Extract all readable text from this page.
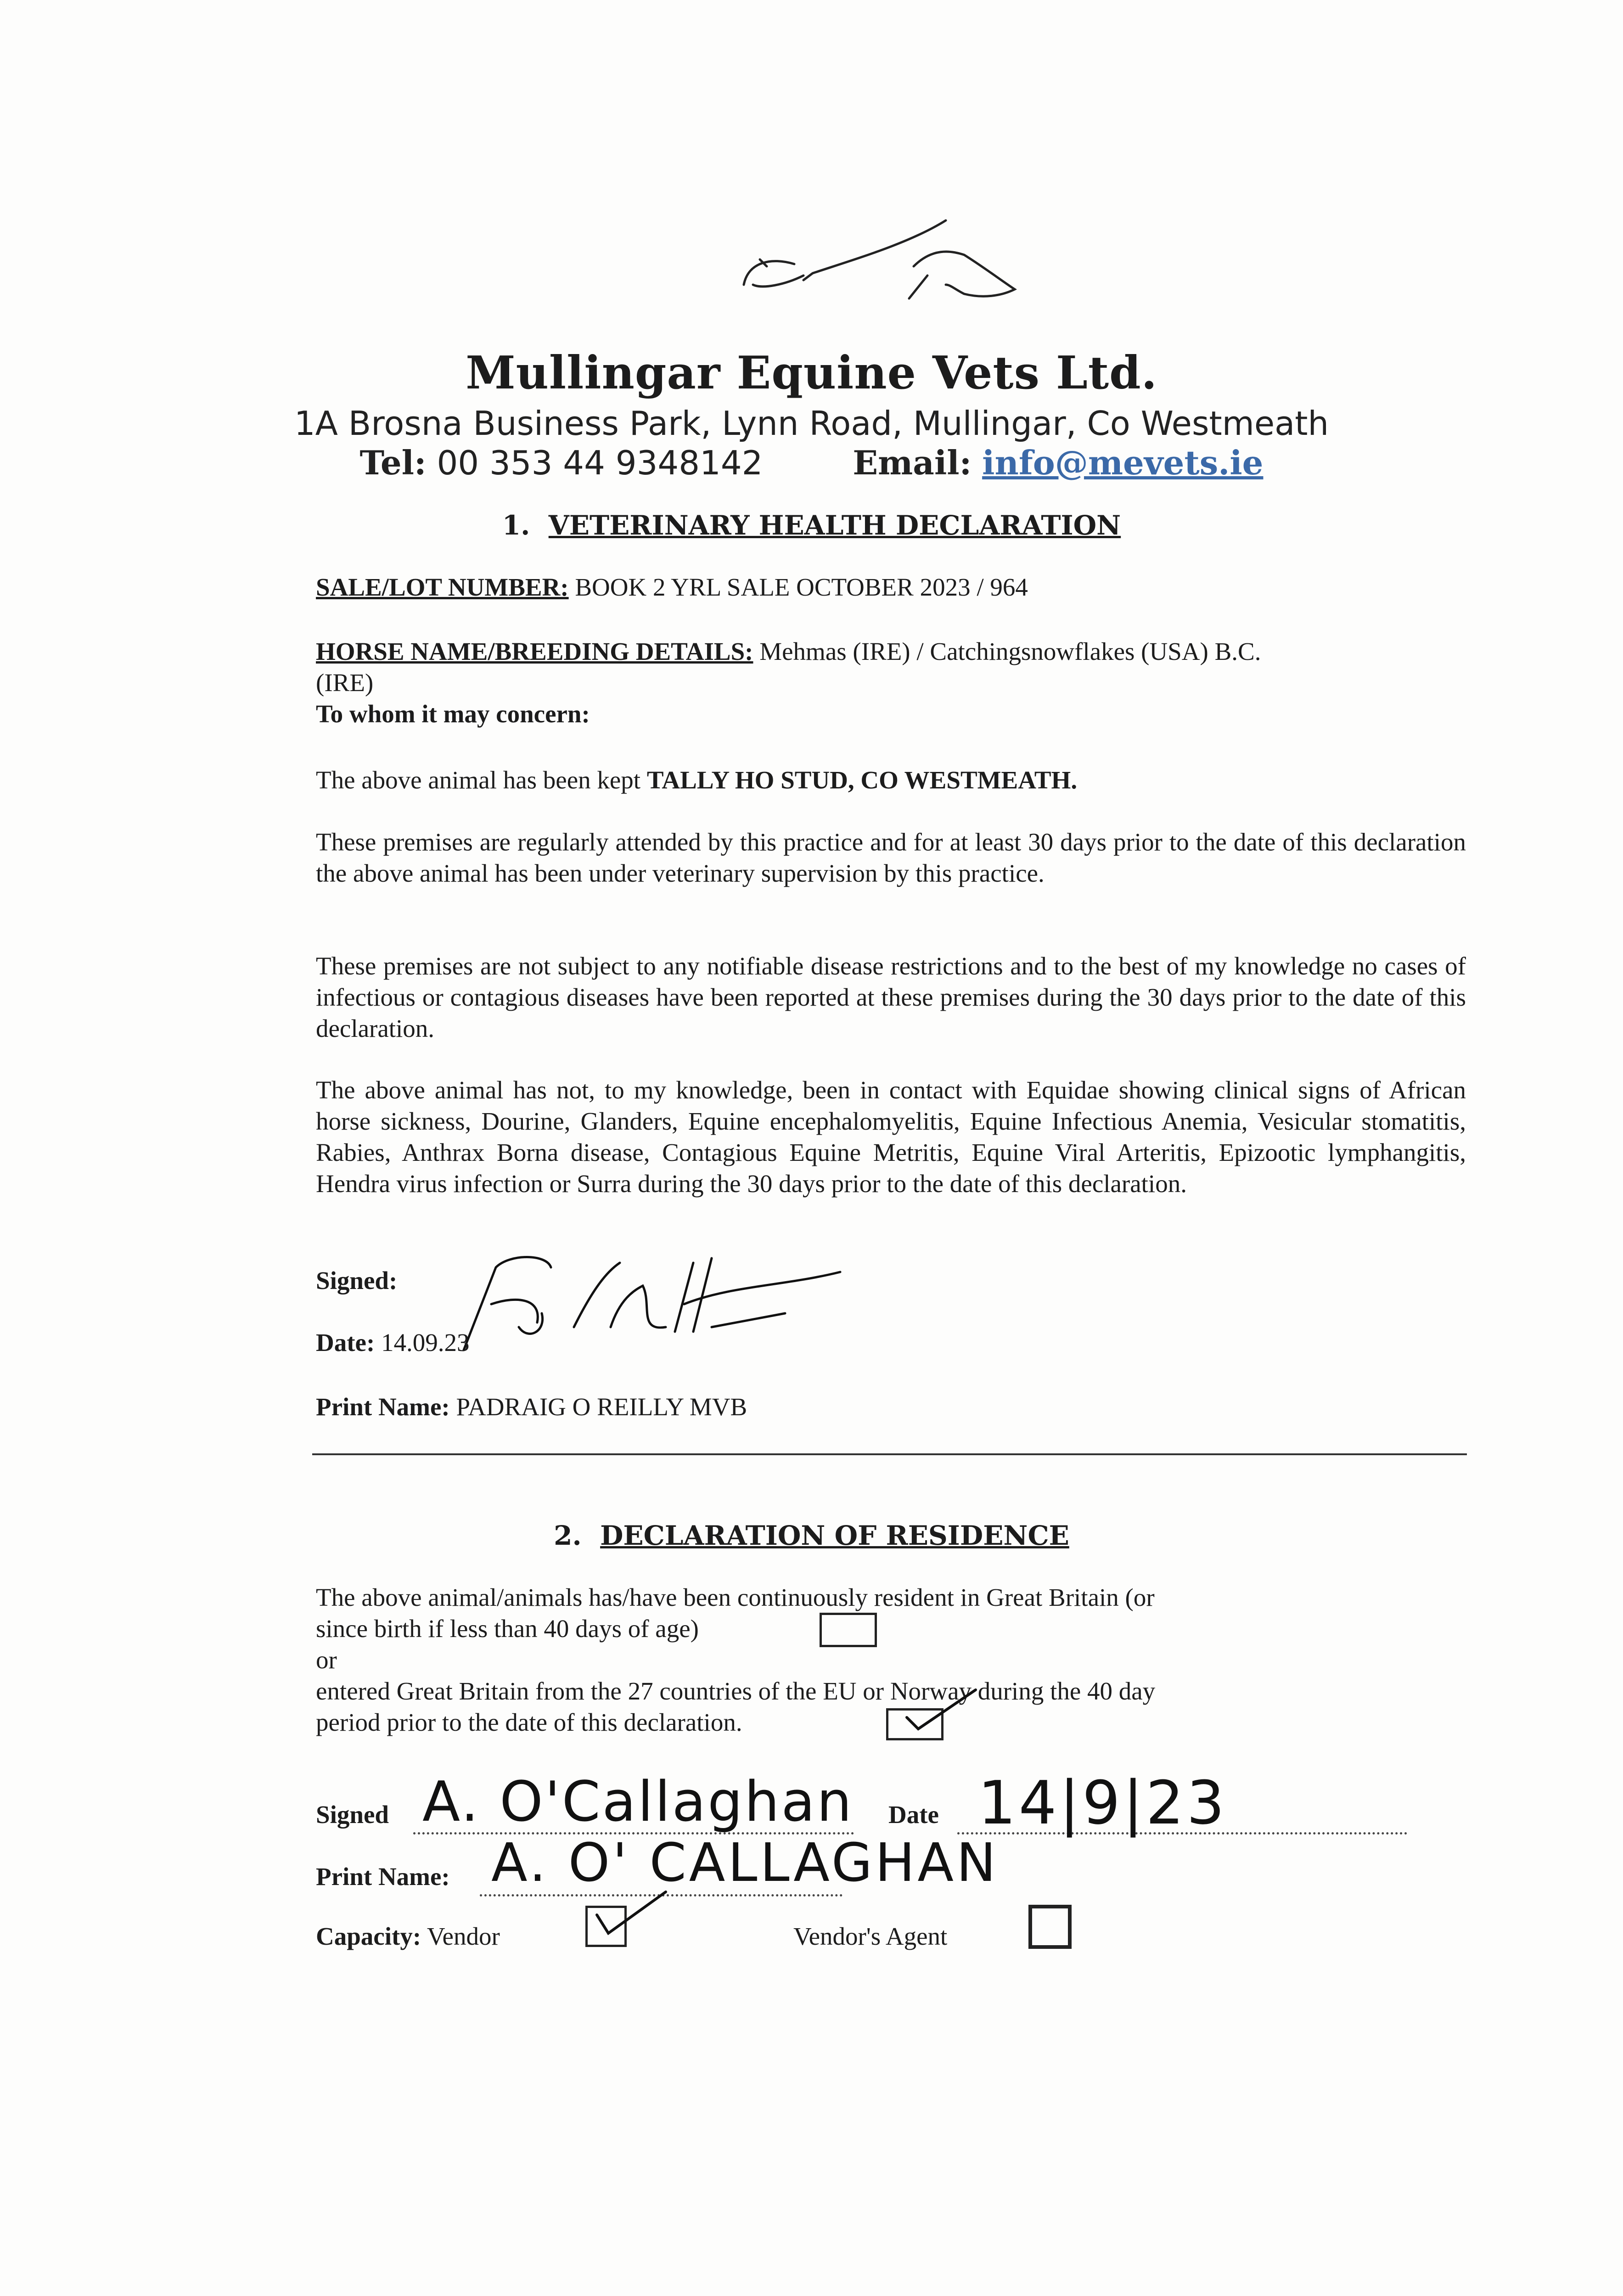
Mullingar Equine Vets Ltd.
1A Brosna Business Park, Lynn Road, Mullingar, Co Westmeath
Tel: 00 353 44 9348142	Email: info@mevets.ie
1. VETERINARY HEALTH DECLARATION
SALE/LOT NUMBER: BOOK 2 YRL SALE OCTOBER 2023 / 964
HORSE NAME/BREEDING DETAILS: Mehmas (IRE) / Catchingsnowflakes (USA) B.C.
(IRE)
To whom it may concern:
The above animal has been kept TALLY HO STUD, CO WESTMEATH.
These premises are regularly attended by this practice and for at least 30 days prior to the date of this declaration the above animal has been under veterinary supervision by this practice.
These premises are not subject to any notifiable disease restrictions and to the best of my knowledge no cases of infectious or contagious diseases have been reported at these premises during the 30 days prior to the date of this declaration.
The above animal has not, to my knowledge, been in contact with Equidae showing clinical signs of African horse sickness, Dourine, Glanders, Equine encephalomyelitis, Equine Infectious Anemia, Vesicular stomatitis, Rabies, Anthrax Borna disease, Contagious Equine Metritis, Equine Viral Arteritis, Epizootic lymphangitis, Hendra virus infection or Surra during the 30 days prior to the date of this declaration.
Signed:
Date: 14.09.23
Print Name: PADRAIG O REILLY MVB
2. DECLARATION OF RESIDENCE
The above animal/animals has/have been continuously resident in Great Britain (or
since birth if less than 40 days of age)
or
entered Great Britain from the 27 countries of the EU or Norway during the 40 day
period prior to the date of this declaration.
Signed A. O'Callaghan Date 14|9|23
Print Name: A. O' CALLAGHAN
Capacity: Vendor	Vendor's Agent
